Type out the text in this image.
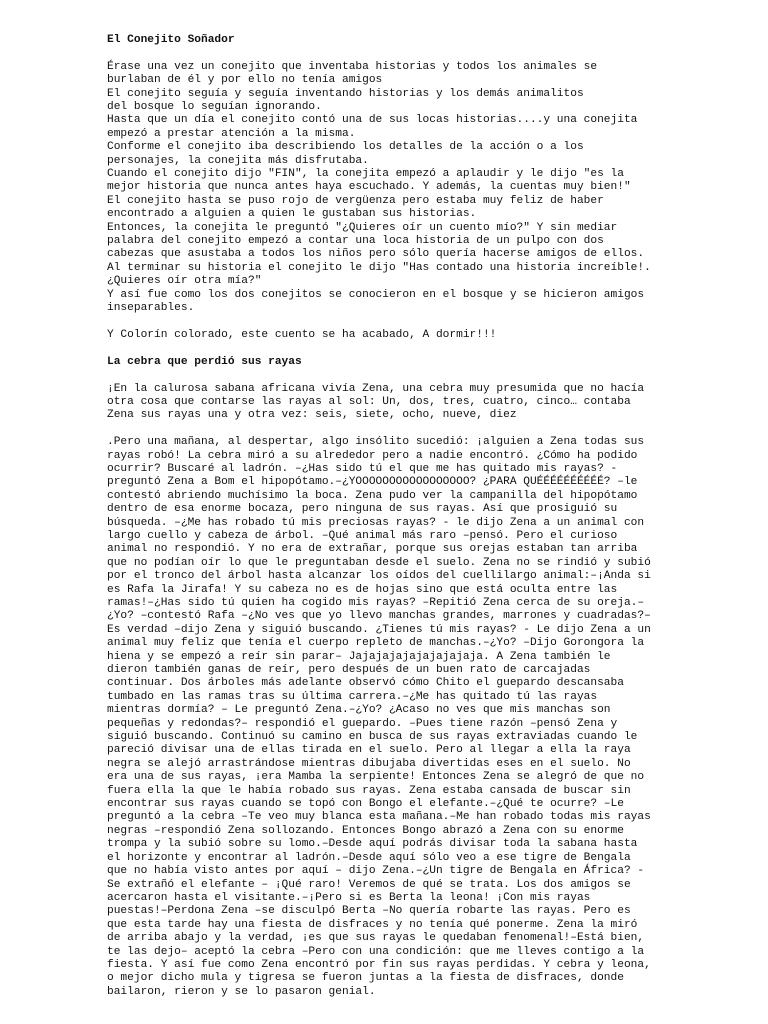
El Conejito Soñador
Érase una vez un conejito que inventaba historias y todos los animales se
burlaban de él y por ello no tenía amigos
El conejito seguía y seguía inventando historias y los demás animalitos
del bosque lo seguían ignorando.
Hasta que un día el conejito contó una de sus locas historias....y una conejita
empezó a prestar atención a la misma.
Conforme el conejito iba describiendo los detalles de la acción o a los
personajes, la conejita más disfrutaba.
Cuando el conejito dijo "FIN", la conejita empezó a aplaudir y le dijo "es la
mejor historia que nunca antes haya escuchado. Y además, la cuentas muy bien!"
El conejito hasta se puso rojo de vergüenza pero estaba muy feliz de haber
encontrado a alguien a quien le gustaban sus historias.
Entonces, la conejita le preguntó "¿Quieres oír un cuento mío?" Y sin mediar
palabra del conejito empezó a contar una loca historia de un pulpo con dos
cabezas que asustaba a todos los niños pero sólo quería hacerse amigos de ellos.
Al terminar su historia el conejito le dijo "Has contado una historia increíble!.
¿Quieres oír otra mía?"
Y así fue como los dos conejitos se conocieron en el bosque y se hicieron amigos
inseparables.
Y Colorín colorado, este cuento se ha acabado, A dormir!!!
La cebra que perdió sus rayas
¡En la calurosa sabana africana vivía Zena, una cebra muy presumida que no hacía
otra cosa que contarse las rayas al sol: Un, dos, tres, cuatro, cinco… contaba
Zena sus rayas una y otra vez: seis, siete, ocho, nueve, diez
.Pero una mañana, al despertar, algo insólito sucedió: ¡alguien a Zena todas sus
rayas robó! La cebra miró a su alrededor pero a nadie encontró. ¿Cómo ha podido
ocurrir? Buscaré al ladrón. –¿Has sido tú el que me has quitado mis rayas? -
preguntó Zena a Bom el hipopótamo.–¿YOOOOOOOOOOOOOOOOO? ¿PARA QUÉÉÉÉÉÉÉÉÉÉ? –le
contestó abriendo muchísimo la boca. Zena pudo ver la campanilla del hipopótamo
dentro de esa enorme bocaza, pero ninguna de sus rayas. Así que prosiguió su
búsqueda. –¿Me has robado tú mis preciosas rayas? - le dijo Zena a un animal con
largo cuello y cabeza de árbol. –Qué animal más raro –pensó. Pero el curioso
animal no respondió. Y no era de extrañar, porque sus orejas estaban tan arriba
que no podían oír lo que le preguntaban desde el suelo. Zena no se rindió y subió
por el tronco del árbol hasta alcanzar los oídos del cuellilargo animal:–¡Anda si
es Rafa la Jirafa! Y su cabeza no es de hojas sino que está oculta entre las
ramas!–¿Has sido tú quien ha cogido mis rayas? –Repitió Zena cerca de su oreja.–
¿Yo? –contestó Rafa –¿No ves que yo llevo manchas grandes, marrones y cuadradas?–
Es verdad –dijo Zena y siguió buscando. ¿Tienes tú mis rayas? - Le dijo Zena a un
animal muy feliz que tenía el cuerpo repleto de manchas.–¿Yo? –Dijo Gorongora la
hiena y se empezó a reír sin parar– Jajajajajajajajajaja. A Zena también le
dieron también ganas de reír, pero después de un buen rato de carcajadas
continuar. Dos árboles más adelante observó cómo Chito el guepardo descansaba
tumbado en las ramas tras su última carrera.–¿Me has quitado tú las rayas
mientras dormía? – Le preguntó Zena.–¿Yo? ¿Acaso no ves que mis manchas son
pequeñas y redondas?– respondió el guepardo. –Pues tiene razón –pensó Zena y
siguió buscando. Continuó su camino en busca de sus rayas extraviadas cuando le
pareció divisar una de ellas tirada en el suelo. Pero al llegar a ella la raya
negra se alejó arrastrándose mientras dibujaba divertidas eses en el suelo. No
era una de sus rayas, ¡era Mamba la serpiente! Entonces Zena se alegró de que no
fuera ella la que le había robado sus rayas. Zena estaba cansada de buscar sin
encontrar sus rayas cuando se topó con Bongo el elefante.–¿Qué te ocurre? –Le
preguntó a la cebra –Te veo muy blanca esta mañana.–Me han robado todas mis rayas
negras –respondió Zena sollozando. Entonces Bongo abrazó a Zena con su enorme
trompa y la subió sobre su lomo.–Desde aquí podrás divisar toda la sabana hasta
el horizonte y encontrar al ladrón.–Desde aquí sólo veo a ese tigre de Bengala
que no había visto antes por aquí – dijo Zena.–¿Un tigre de Bengala en África? -
Se extrañó el elefante – ¡Qué raro! Veremos de qué se trata. Los dos amigos se
acercaron hasta el visitante.–¡Pero si es Berta la leona! ¡Con mis rayas
puestas!–Perdona Zena –se disculpó Berta –No quería robarte las rayas. Pero es
que esta tarde hay una fiesta de disfraces y no tenía qué ponerme. Zena la miró
de arriba abajo y la verdad, ¡es que sus rayas le quedaban fenomenal!–Está bien,
te las dejo– aceptó la cebra –Pero con una condición: que me lleves contigo a la
fiesta. Y así fue como Zena encontró por fin sus rayas perdidas. Y cebra y leona,
o mejor dicho mula y tigresa se fueron juntas a la fiesta de disfraces, donde
bailaron, rieron y se lo pasaron genial.
